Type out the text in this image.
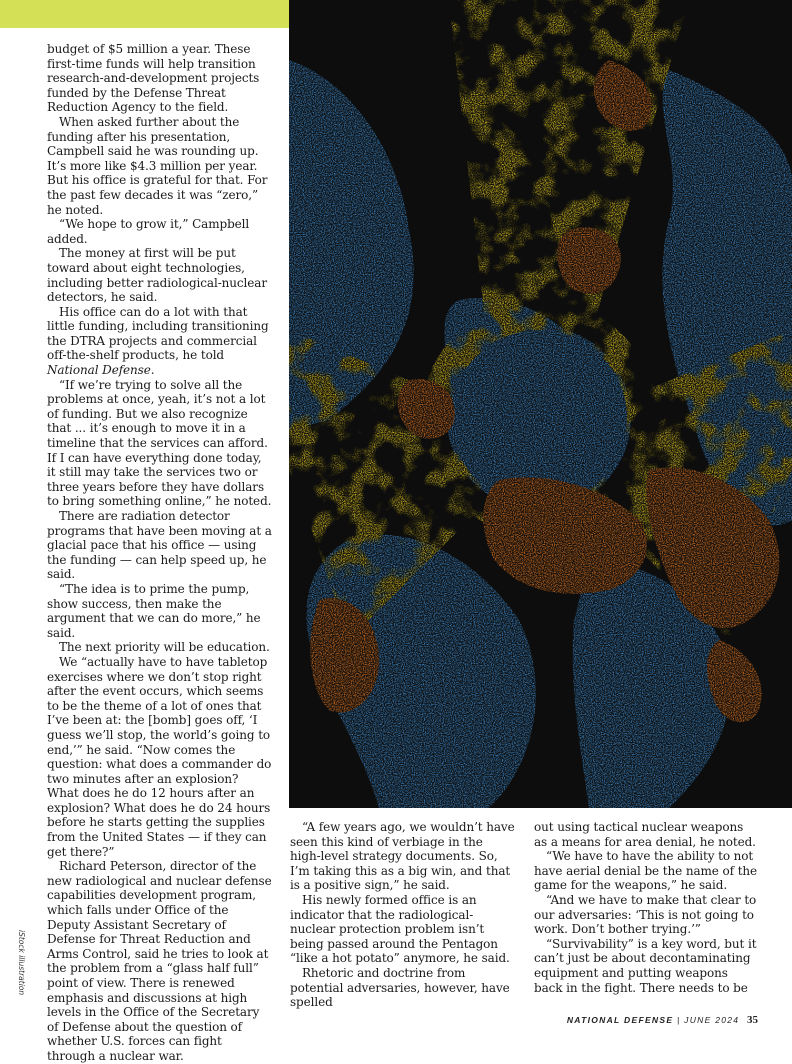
budget of $5 million a year. These first-time funds will help transition research-and-development projects funded by the Defense Threat Reduction Agency to the field.

When asked further about the funding after his presentation, Campbell said he was rounding up. It’s more like $4.3 million per year. But his office is grateful for that. For the past few decades it was “zero,” he noted.

“We hope to grow it,” Campbell added.

The money at first will be put toward about eight technologies, including better radiological-nuclear detectors, he said.

His office can do a lot with that little funding, including transitioning the DTRA projects and commercial off-the-shelf products, he told National Defense.

“If we’re trying to solve all the problems at once, yeah, it’s not a lot of funding. But we also recognize that ... it’s enough to move it in a timeline that the services can afford. If I can have everything done today, it still may take the services two or three years before they have dollars to bring something online,” he noted.

There are radiation detector programs that have been moving at a glacial pace that his office — using the funding — can help speed up, he said.

“The idea is to prime the pump, show success, then make the argument that we can do more,” he said.

The next priority will be education.

We “actually have to have tabletop exercises where we don’t stop right after the event occurs, which seems to be the theme of a lot of ones that I’ve been at: the [bomb] goes off, ‘I guess we’ll stop, the world’s going to end,’” he said. “Now comes the question: what does a commander do two minutes after an explosion? What does he do 12 hours after an explosion? What does he do 24 hours before he starts getting the supplies from the United States — if they can get there?”

Richard Peterson, director of the new radiological and nuclear defense capabilities development program, which falls under Office of the Deputy Assistant Secretary of Defense for Threat Reduction and Arms Control, said he tries to look at the problem from a “glass half full” point of view. There is renewed emphasis and discussions at high levels in the Office of the Secretary of Defense about the question of whether U.S. forces can fight through a nuclear war.

“A few years ago, we wouldn’t have seen this kind of verbiage in the high-level strategy documents. So, I’m taking this as a big win, and that is a positive sign,” he said.

His newly formed office is an indicator that the radiological-nuclear protection problem isn’t being passed around the Pentagon “like a hot potato” anymore, he said.

Rhetoric and doctrine from potential adversaries, however, have spelled

out using tactical nuclear weapons as a means for area denial, he noted.

“We have to have the ability to not have aerial denial be the name of the game for the weapons,” he said.

“And we have to make that clear to our adversaries: ‘This is not going to work. Don’t bother trying.’”

“Survivability” is a key word, but it can’t just be about decontaminating equipment and putting weapons back in the fight. There needs to be

iStock illustration
NATIONAL DEFENSE | JUNE 2024 35
